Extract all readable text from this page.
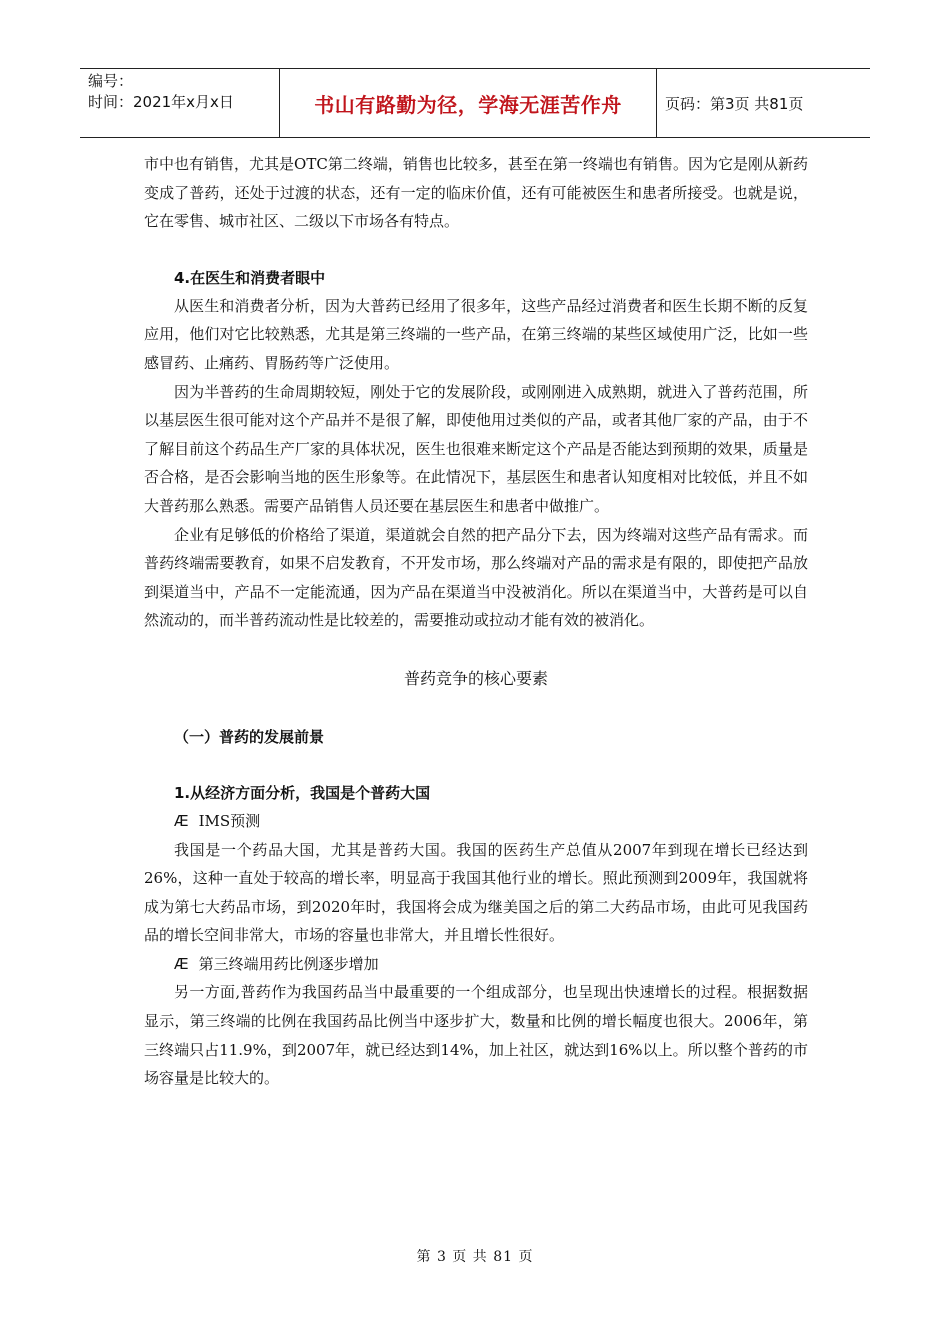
编号：
时间：2021年x月x日	书山有路勤为径，学海无涯苦作舟	页码：第3页 共81页

市中也有销售，尤其是OTC第二终端，销售也比较多，甚至在第一终端也有销售。因为它是刚从新药变成了普药，还处于过渡的状态，还有一定的临床价值，还有可能被医生和患者所接受。也就是说，它在零售、城市社区、二级以下市场各有特点。

4.在医生和消费者眼中

从医生和消费者分析，因为大普药已经用了很多年，这些产品经过消费者和医生长期不断的反复应用，他们对它比较熟悉，尤其是第三终端的一些产品，在第三终端的某些区域使用广泛，比如一些感冒药、止痛药、胃肠药等广泛使用。

因为半普药的生命周期较短，刚处于它的发展阶段，或刚刚进入成熟期，就进入了普药范围，所以基层医生很可能对这个产品并不是很了解，即使他用过类似的产品，或者其他厂家的产品，由于不了解目前这个药品生产厂家的具体状况，医生也很难来断定这个产品是否能达到预期的效果，质量是否合格，是否会影响当地的医生形象等。在此情况下，基层医生和患者认知度相对比较低，并且不如大普药那么熟悉。需要产品销售人员还要在基层医生和患者中做推广。

企业有足够低的价格给了渠道，渠道就会自然的把产品分下去，因为终端对这些产品有需求。而普药终端需要教育，如果不启发教育，不开发市场，那么终端对产品的需求是有限的，即使把产品放到渠道当中，产品不一定能流通，因为产品在渠道当中没被消化。所以在渠道当中，大普药是可以自然流动的，而半普药流动性是比较差的，需要推动或拉动才能有效的被消化。

普药竞争的核心要素

（一）普药的发展前景

1.从经济方面分析，我国是个普药大国

Æ IMS预测

我国是一个药品大国，尤其是普药大国。我国的医药生产总值从2007年到现在增长已经达到26%，这种一直处于较高的增长率，明显高于我国其他行业的增长。照此预测到2009年，我国就将成为第七大药品市场，到2020年时，我国将会成为继美国之后的第二大药品市场，由此可见我国药品的增长空间非常大，市场的容量也非常大，并且增长性很好。

Æ 第三终端用药比例逐步增加

另一方面,普药作为我国药品当中最重要的一个组成部分，也呈现出快速增长的过程。根据数据显示，第三终端的比例在我国药品比例当中逐步扩大，数量和比例的增长幅度也很大。2006年，第三终端只占11.9%，到2007年，就已经达到14%，加上社区，就达到16%以上。所以整个普药的市场容量是比较大的。

第 3 页 共 81 页
